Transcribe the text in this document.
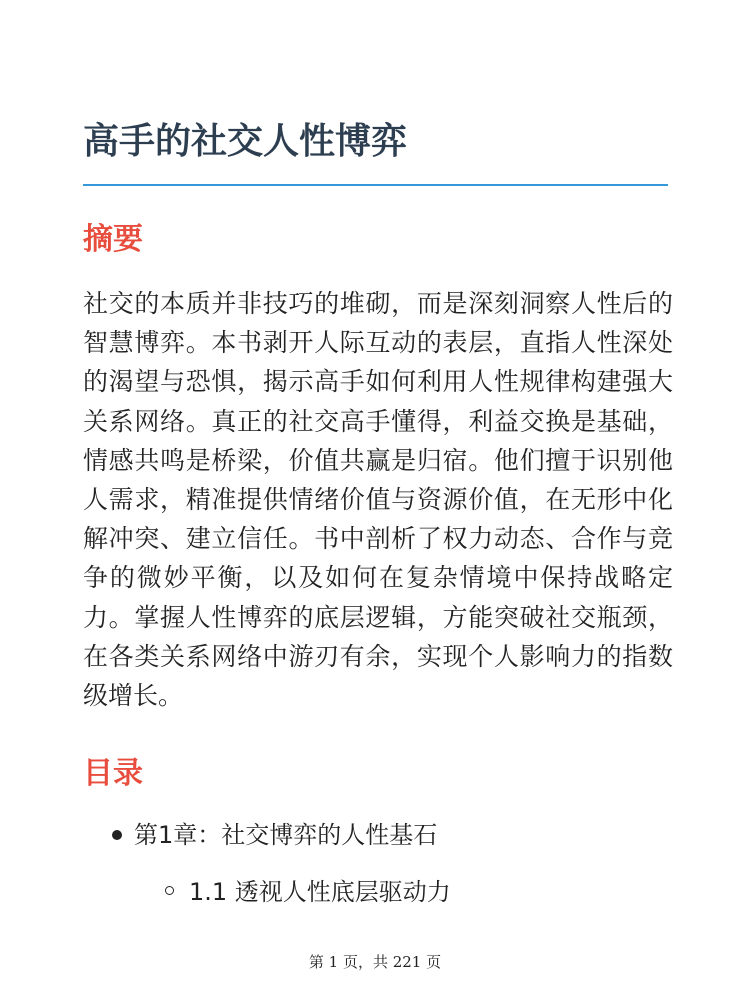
高手的社交人性博弈
摘要

社交的本质并非技巧的堆砌，而是深刻洞察人性后的智慧博弈。本书剥开人际互动的表层，直指人性深处的渴望与恐惧，揭示高手如何利用人性规律构建强大关系网络。真正的社交高手懂得，利益交换是基础，情感共鸣是桥梁，价值共赢是归宿。他们擅于识别他人需求，精准提供情绪价值与资源价值，在无形中化解冲突、建立信任。书中剖析了权力动态、合作与竞争的微妙平衡，以及如何在复杂情境中保持战略定力。掌握人性博弈的底层逻辑，方能突破社交瓶颈，在各类关系网络中游刃有余，实现个人影响力的指数级增长。

目录
第1章：社交博弈的人性基石
1.1 透视人性底层驱动力
第 1 页，共 221 页
